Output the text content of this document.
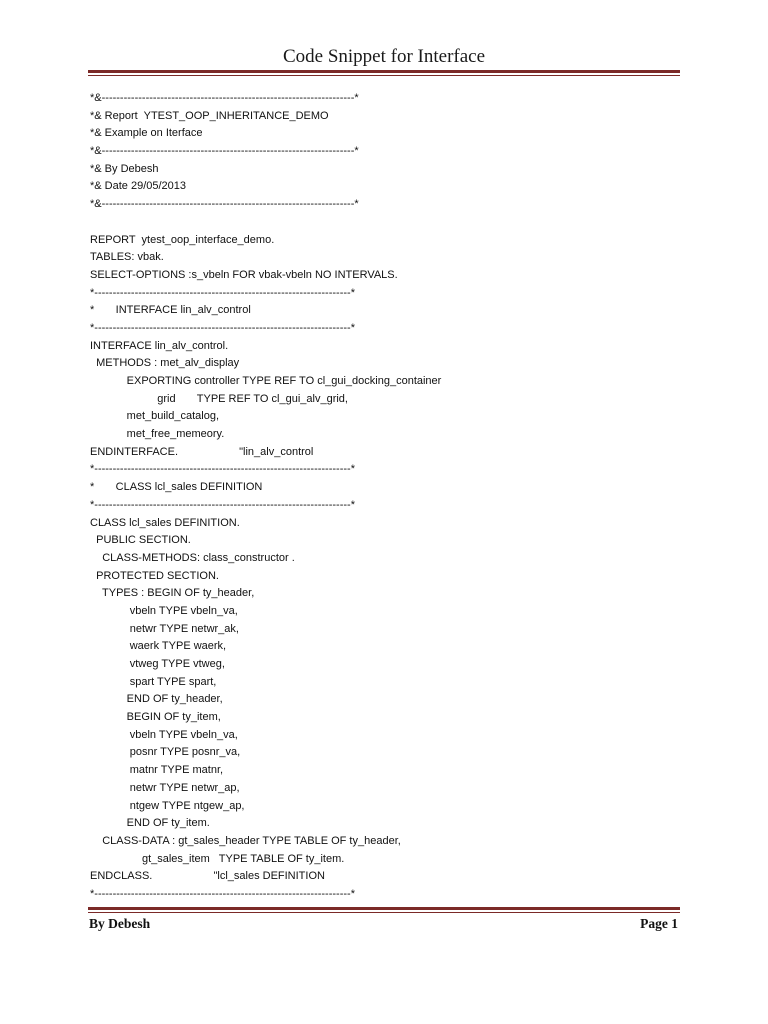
Code Snippet for Interface
*&---------------------------------------------------------------------*
*& Report  YTEST_OOP_INHERITANCE_DEMO
*& Example on Iterface
*&---------------------------------------------------------------------*
*& By Debesh
*& Date 29/05/2013
*&---------------------------------------------------------------------*
REPORT  ytest_oop_interface_demo.
TABLES: vbak.
SELECT-OPTIONS :s_vbeln FOR vbak-vbeln NO INTERVALS.
*----------------------------------------------------------------------*
*       INTERFACE lin_alv_control
*----------------------------------------------------------------------*
INTERFACE lin_alv_control.
METHODS : met_alv_display
EXPORTING controller TYPE REF TO cl_gui_docking_container
grid       TYPE REF TO cl_gui_alv_grid,
met_build_catalog,
met_free_memeory.
ENDINTERFACE.                    "lin_alv_control
*----------------------------------------------------------------------*
*       CLASS lcl_sales DEFINITION
*----------------------------------------------------------------------*
CLASS lcl_sales DEFINITION.
PUBLIC SECTION.
CLASS-METHODS: class_constructor .
PROTECTED SECTION.
TYPES : BEGIN OF ty_header,
vbeln TYPE vbeln_va,
netwr TYPE netwr_ak,
waerk TYPE waerk,
vtweg TYPE vtweg,
spart TYPE spart,
END OF ty_header,
BEGIN OF ty_item,
vbeln TYPE vbeln_va,
posnr TYPE posnr_va,
matnr TYPE matnr,
netwr TYPE netwr_ap,
ntgew TYPE ntgew_ap,
END OF ty_item.
CLASS-DATA : gt_sales_header TYPE TABLE OF ty_header,
gt_sales_item   TYPE TABLE OF ty_item.
ENDCLASS.                    "lcl_sales DEFINITION
*----------------------------------------------------------------------*
By Debesh	Page 1
